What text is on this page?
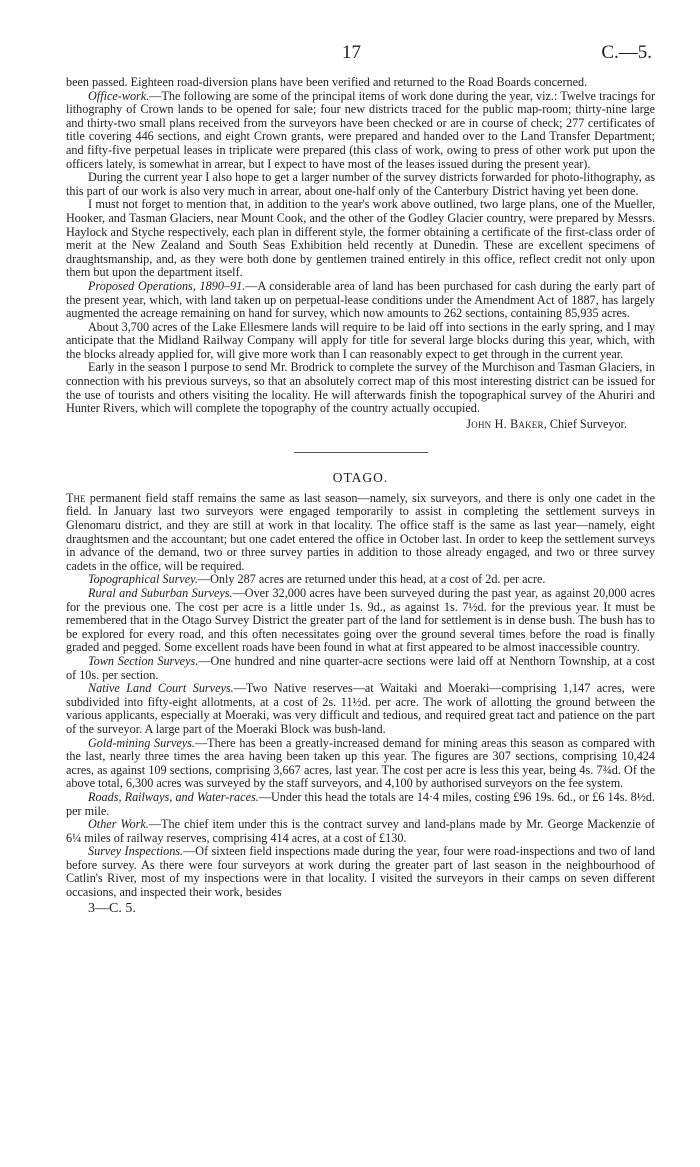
17	C.—5.

been passed. Eighteen road-diversion plans have been verified and returned to the Road Boards concerned.

Office-work.—The following are some of the principal items of work done during the year, viz.: Twelve tracings for lithography of Crown lands to be opened for sale; four new districts traced for the public map-room; thirty-nine large and thirty-two small plans received from the surveyors have been checked or are in course of check; 277 certificates of title covering 446 sections, and eight Crown grants, were prepared and handed over to the Land Transfer Department; and fifty-five perpetual leases in triplicate were prepared (this class of work, owing to press of other work put upon the officers lately, is somewhat in arrear, but I expect to have most of the leases issued during the present year).

During the current year I also hope to get a larger number of the survey districts forwarded for photo-lithography, as this part of our work is also very much in arrear, about one-half only of the Canterbury District having yet been done.

I must not forget to mention that, in addition to the year's work above outlined, two large plans, one of the Mueller, Hooker, and Tasman Glaciers, near Mount Cook, and the other of the Godley Glacier country, were prepared by Messrs. Haylock and Styche respectively, each plan in different style, the former obtaining a certificate of the first-class order of merit at the New Zealand and South Seas Exhibition held recently at Dunedin. These are excellent specimens of draughtsmanship, and, as they were both done by gentlemen trained entirely in this office, reflect credit not only upon them but upon the department itself.

Proposed Operations, 1890–91.—A considerable area of land has been purchased for cash during the early part of the present year, which, with land taken up on perpetual-lease conditions under the Amendment Act of 1887, has largely augmented the acreage remaining on hand for survey, which now amounts to 262 sections, containing 85,935 acres.

About 3,700 acres of the Lake Ellesmere lands will require to be laid off into sections in the early spring, and I may anticipate that the Midland Railway Company will apply for title for several large blocks during this year, which, with the blocks already applied for, will give more work than I can reasonably expect to get through in the current year.

Early in the season I purpose to send Mr. Brodrick to complete the survey of the Murchison and Tasman Glaciers, in connection with his previous surveys, so that an absolutely correct map of this most interesting district can be issued for the use of tourists and others visiting the locality. He will afterwards finish the topographical survey of the Ahuriri and Hunter Rivers, which will complete the topography of the country actually occupied.

John H. Baker, Chief Surveyor.
OTAGO.

The permanent field staff remains the same as last season—namely, six surveyors, and there is only one cadet in the field. In January last two surveyors were engaged temporarily to assist in completing the settlement surveys in Glenomaru district, and they are still at work in that locality. The office staff is the same as last year—namely, eight draughtsmen and the accountant; but one cadet entered the office in October last. In order to keep the settlement surveys in advance of the demand, two or three survey parties in addition to those already engaged, and two or three survey cadets in the office, will be required.

Topographical Survey.—Only 287 acres are returned under this head, at a cost of 2d. per acre.

Rural and Suburban Surveys.—Over 32,000 acres have been surveyed during the past year, as against 20,000 acres for the previous one. The cost per acre is a little under 1s. 9d., as against 1s. 7½d. for the previous year. It must be remembered that in the Otago Survey District the greater part of the land for settlement is in dense bush. The bush has to be explored for every road, and this often necessitates going over the ground several times before the road is finally graded and pegged. Some excellent roads have been found in what at first appeared to be almost inaccessible country.

Town Section Surveys.—One hundred and nine quarter-acre sections were laid off at Nenthorn Township, at a cost of 10s. per section.

Native Land Court Surveys.—Two Native reserves—at Waitaki and Moeraki—comprising 1,147 acres, were subdivided into fifty-eight allotments, at a cost of 2s. 11½d. per acre. The work of allotting the ground between the various applicants, especially at Moeraki, was very difficult and tedious, and required great tact and patience on the part of the surveyor. A large part of the Moeraki Block was bush-land.

Gold-mining Surveys.—There has been a greatly-increased demand for mining areas this season as compared with the last, nearly three times the area having been taken up this year. The figures are 307 sections, comprising 10,424 acres, as against 109 sections, comprising 3,667 acres, last year. The cost per acre is less this year, being 4s. 7¾d. Of the above total, 6,300 acres was surveyed by the staff surveyors, and 4,100 by authorised surveyors on the fee system.

Roads, Railways, and Water-races.—Under this head the totals are 14·4 miles, costing £96 19s. 6d., or £6 14s. 8½d. per mile.

Other Work.—The chief item under this is the contract survey and land-plans made by Mr. George Mackenzie of 6¼ miles of railway reserves, comprising 414 acres, at a cost of £130.

Survey Inspections.—Of sixteen field inspections made during the year, four were road-inspections and two of land before survey. As there were four surveyors at work during the greater part of last season in the neighbourhood of Catlin's River, most of my inspections were in that locality. I visited the surveyors in their camps on seven different occasions, and inspected their work, besides

3—C. 5.
